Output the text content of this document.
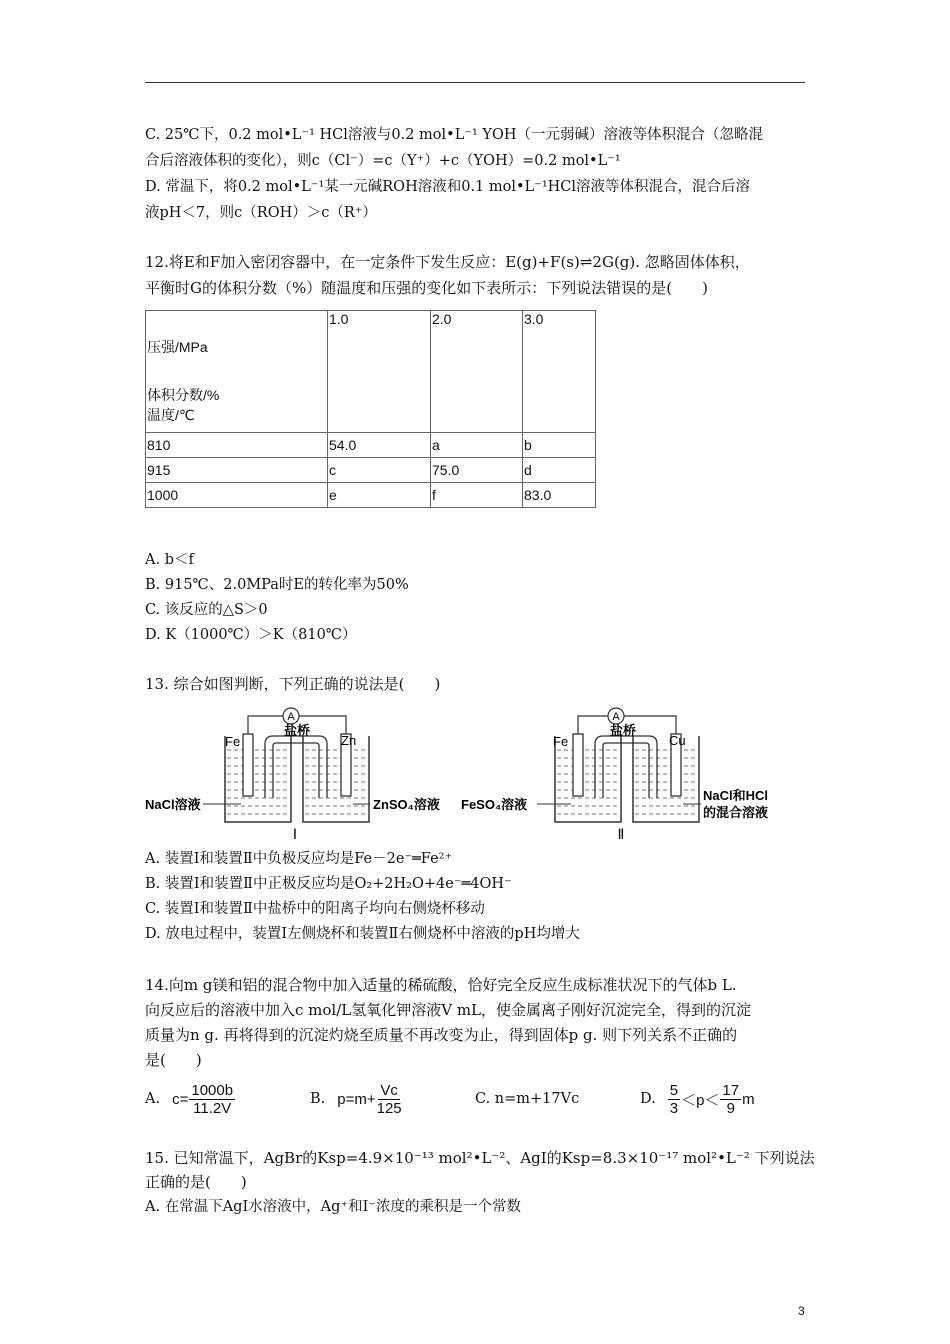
C. 25℃下，0.2 mol•L⁻¹ HCl溶液与0.2 mol•L⁻¹ YOH（一元弱碱）溶液等体积混合（忽略混
合后溶液体积的变化），则c（Cl⁻）=c（Y⁺）+c（YOH）=0.2 mol•L⁻¹
D. 常温下，将0.2 mol•L⁻¹某一元碱ROH溶液和0.1 mol•L⁻¹HCl溶液等体积混合，混合后溶
液pH＜7，则c（ROH）＞c（R⁺）
12.将E和F加入密闭容器中，在一定条件下发生反应：E(g)+F(s)⇌2G(g). 忽略固体体积，
平衡时G的体积分数（%）随温度和压强的变化如下表所示：下列说法错误的是(　　)
压强/MPa
体积分数/%
温度/℃	1.0	2.0	3.0
810	54.0	a	b
915	c	75.0	d
1000	e	f	83.0
A. b＜f
B. 915℃、2.0MPa时E的转化率为50%
C. 该反应的△S＞0
D. K（1000℃）＞K（810℃）
13. 综合如图判断，下列正确的说法是(　　)
A
Fe	Zn
盐桥
NaCl溶液	ZnSO₄溶液
Ⅰ
A
Fe	Cu
盐桥
FeSO₄溶液
NaCl和HCl
的混合溶液
Ⅱ
A. 装置Ⅰ和装置Ⅱ中负极反应均是Fe－2e⁻═Fe²⁺
B. 装置Ⅰ和装置Ⅱ中正极反应均是O₂+2H₂O+4e⁻═4OH⁻
C. 装置Ⅰ和装置Ⅱ中盐桥中的阳离子均向右侧烧杯移动
D. 放电过程中，装置Ⅰ左侧烧杯和装置Ⅱ右侧烧杯中溶液的pH均增大
14.向m g镁和铝的混合物中加入适量的稀硫酸，恰好完全反应生成标准状况下的气体b L.
向反应后的溶液中加入c mol/L氢氧化钾溶液V mL，使金属离子刚好沉淀完全，得到的沉淀
质量为n g. 再将得到的沉淀灼烧至质量不再改变为止，得到固体p g. 则下列关系不正确的
是(　　)
A. $c= \frac{1000b}{11.2V}$	B. $p=m+ \frac{Vc}{125}$	C. n=m+17Vc	D. $\frac{5}{3} <p< \frac{17}{9}$ m
15. 已知常温下，AgBr的Ksp=4.9×10⁻¹³ mol²•L⁻²、AgI的Ksp=8.3×10⁻¹⁷ mol²•L⁻² 下列说法
正确的是(　　)
A. 在常温下AgI水溶液中，Ag⁺和I⁻浓度的乘积是一个常数
3
